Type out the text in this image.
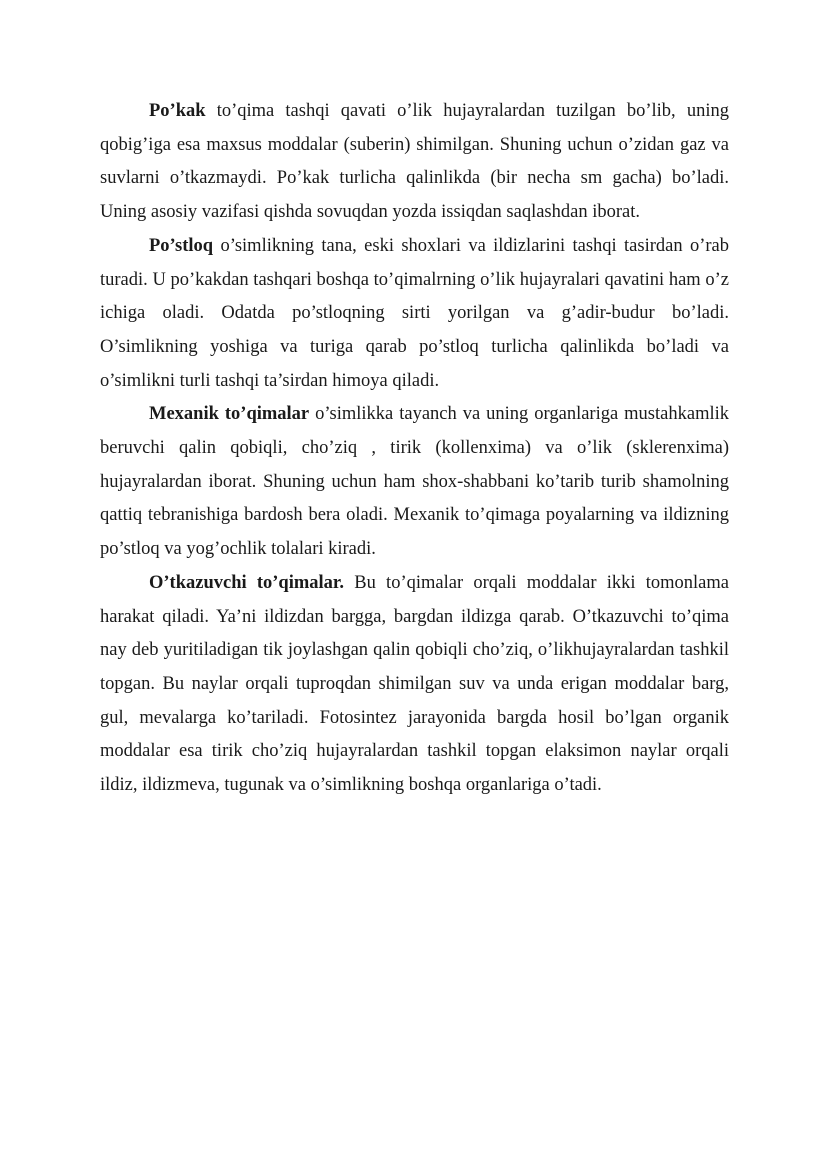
Po’kak to’qima tashqi qavati o’lik hujayralardan tuzilgan bo’lib, uning qobig’iga esa maxsus moddalar (suberin) shimilgan. Shuning uchun o’zidan gaz va suvlarni o’tkazmaydi. Po’kak turlicha qalinlikda (bir necha sm gacha) bo’ladi. Uning asosiy vazifasi qishda sovuqdan yozda issiqdan saqlashdan iborat.

Po’stloq o’simlikning tana, eski shoxlari va ildizlarini tashqi tasirdan o’rab turadi. U po’kakdan tashqari boshqa to’qimalrning o’lik hujayralari qavatini ham o’z ichiga oladi. Odatda po’stloqning sirti yorilgan va g’adir-budur bo’ladi. O’simlikning yoshiga va turiga qarab po’stloq turlicha qalinlikda bo’ladi va o’simlikni turli tashqi ta’sirdan himoya qiladi.

Mexanik to’qimalar o’simlikka tayanch va uning organlariga mustahkamlik beruvchi qalin qobiqli, cho’ziq , tirik (kollenxima) va o’lik (sklerenxima) hujayralardan iborat. Shuning uchun ham shox-shabbani ko’tarib turib shamolning qattiq tebranishiga bardosh bera oladi. Mexanik to’qimaga poyalarning va ildizning po’stloq va yog’ochlik tolalari kiradi.

O’tkazuvchi to’qimalar. Bu to’qimalar orqali moddalar ikki tomonlama harakat qiladi. Ya’ni ildizdan bargga, bargdan ildizga qarab. O’tkazuvchi to’qima nay deb yuritiladigan tik joylashgan qalin qobiqli cho’ziq, o’likhujayralardan tashkil topgan. Bu naylar orqali tuproqdan shimilgan suv va unda erigan moddalar barg, gul, mevalarga ko’tariladi. Fotosintez jarayonida bargda hosil bo’lgan organik moddalar esa tirik cho’ziq hujayralardan tashkil topgan elaksimon naylar orqali ildiz, ildizmeva, tugunak va o’simlikning boshqa organlariga o’tadi.
